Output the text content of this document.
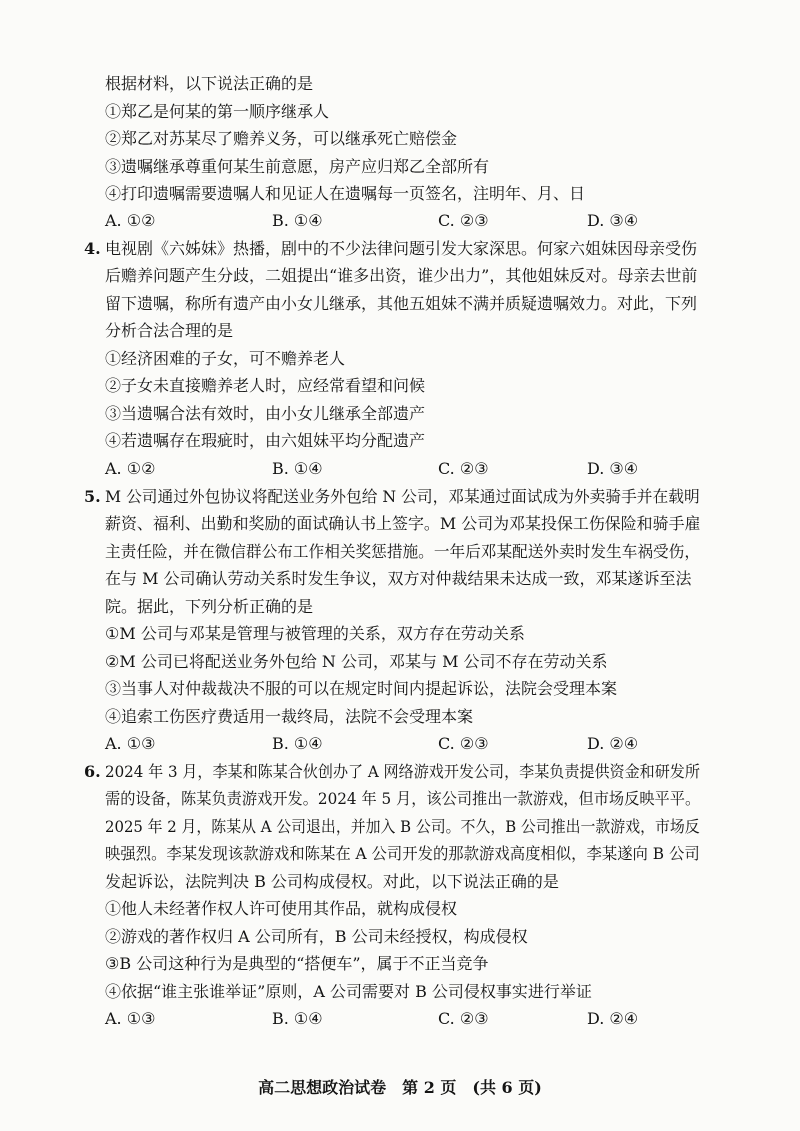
根据材料，以下说法正确的是
①郑乙是何某的第一顺序继承人
②郑乙对苏某尽了赡养义务，可以继承死亡赔偿金
③遗嘱继承尊重何某生前意愿，房产应归郑乙全部所有
④打印遗嘱需要遗嘱人和见证人在遗嘱每一页签名，注明年、月、日
A. ①②	B. ①④	C. ②③	D. ③④
4. 电视剧《六姊妹》热播，剧中的不少法律问题引发大家深思。何家六姐妹因母亲受伤
后赡养问题产生分歧，二姐提出“谁多出资，谁少出力”，其他姐妹反对。母亲去世前
留下遗嘱，称所有遗产由小女儿继承，其他五姐妹不满并质疑遗嘱效力。对此，下列
分析合法合理的是
①经济困难的子女，可不赡养老人
②子女未直接赡养老人时，应经常看望和问候
③当遗嘱合法有效时，由小女儿继承全部遗产
④若遗嘱存在瑕疵时，由六姐妹平均分配遗产
A. ①②	B. ①④	C. ②③	D. ③④
5. M 公司通过外包协议将配送业务外包给 N 公司，邓某通过面试成为外卖骑手并在载明
薪资、福利、出勤和奖励的面试确认书上签字。M 公司为邓某投保工伤保险和骑手雇
主责任险，并在微信群公布工作相关奖惩措施。一年后邓某配送外卖时发生车祸受伤，
在与 M 公司确认劳动关系时发生争议，双方对仲裁结果未达成一致，邓某遂诉至法
院。据此，下列分析正确的是
①M 公司与邓某是管理与被管理的关系，双方存在劳动关系
②M 公司已将配送业务外包给 N 公司，邓某与 M 公司不存在劳动关系
③当事人对仲裁裁决不服的可以在规定时间内提起诉讼，法院会受理本案
④追索工伤医疗费适用一裁终局，法院不会受理本案
A. ①③	B. ①④	C. ②③	D. ②④
6. 2024 年 3 月，李某和陈某合伙创办了 A 网络游戏开发公司，李某负责提供资金和研发所
需的设备，陈某负责游戏开发。2024 年 5 月，该公司推出一款游戏，但市场反映平平。
2025 年 2 月，陈某从 A 公司退出，并加入 B 公司。不久，B 公司推出一款游戏，市场反
映强烈。李某发现该款游戏和陈某在 A 公司开发的那款游戏高度相似，李某遂向 B 公司
发起诉讼，法院判决 B 公司构成侵权。对此，以下说法正确的是
①他人未经著作权人许可使用其作品，就构成侵权
②游戏的著作权归 A 公司所有，B 公司未经授权，构成侵权
③B 公司这种行为是典型的“搭便车”，属于不正当竞争
④依据“谁主张谁举证”原则，A 公司需要对 B 公司侵权事实进行举证
A. ①③	B. ①④	C. ②③	D. ②④
高二思想政治试卷　第 2 页　(共 6 页)
